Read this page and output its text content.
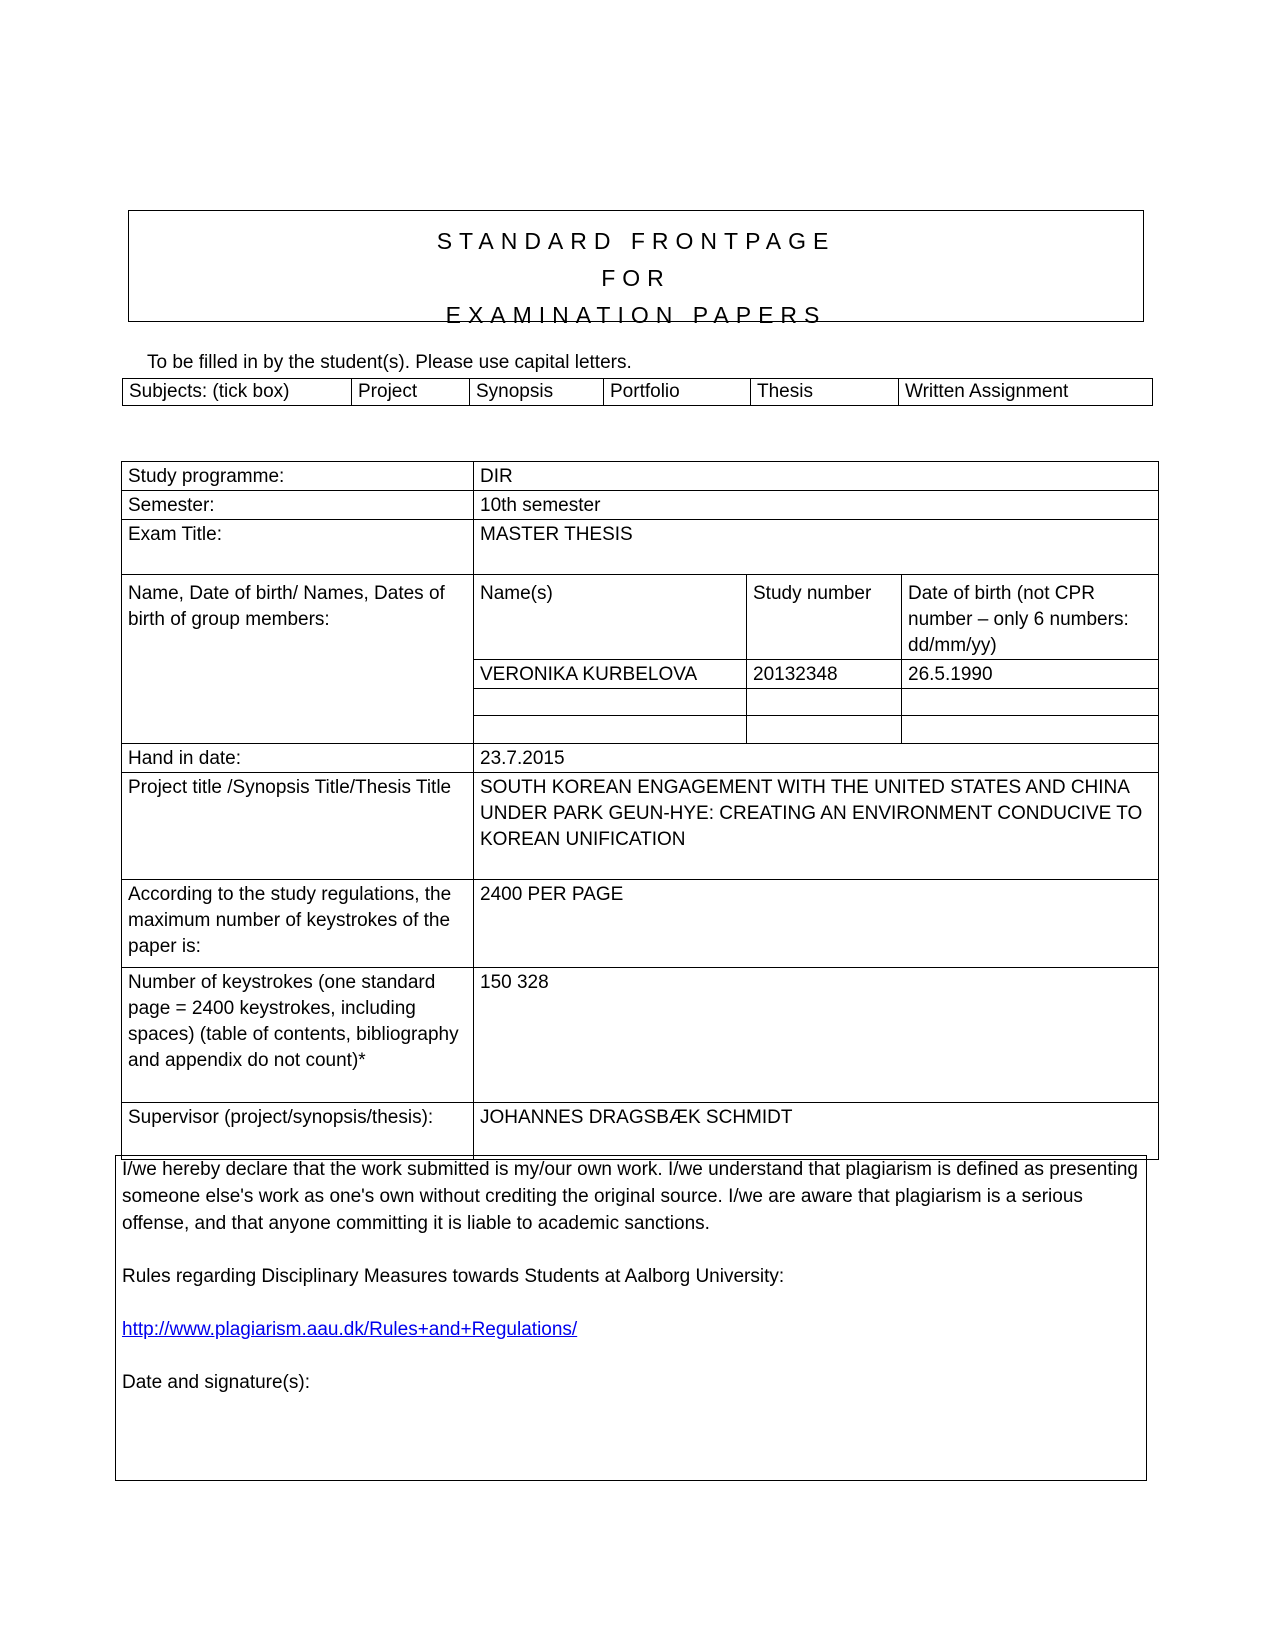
STANDARD FRONTPAGE
FOR
EXAMINATION PAPERS
To be filled in by the student(s). Please use capital letters.
Subjects: (tick box)	Project	Synopsis	Portfolio	Thesis	Written Assignment
Study programme:	DIR		
Semester:	10th semester		
Exam Title:	MASTER THESIS		
Name, Date of birth/ Names, Dates of birth of group members:	Name(s)	Study number	Date of birth (not CPR number – only 6 numbers: dd/mm/yy)
	VERONIKA KURBELOVA	20132348	26.5.1990

Hand in date:	23.7.2015		
Project title /Synopsis Title/Thesis Title	SOUTH KOREAN ENGAGEMENT WITH THE UNITED STATES AND CHINA UNDER PARK GEUN-HYE: CREATING AN ENVIRONMENT CONDUCIVE TO KOREAN UNIFICATION		
According to the study regulations, the maximum number of keystrokes of the paper is:	2400 PER PAGE		
Number of keystrokes (one standard page = 2400 keystrokes, including spaces) (table of contents, bibliography and appendix do not count)*	150 328		
Supervisor (project/synopsis/thesis):	JOHANNES DRAGSBÆK SCHMIDT		

I/we hereby declare that the work submitted is my/our own work. I/we understand that plagiarism is defined as presenting someone else's work as one's own without crediting the original source. I/we are aware that plagiarism is a serious offense, and that anyone committing it is liable to academic sanctions.

Rules regarding Disciplinary Measures towards Students at Aalborg University:

http://www.plagiarism.aau.dk/Rules+and+Regulations/

Date and signature(s):
